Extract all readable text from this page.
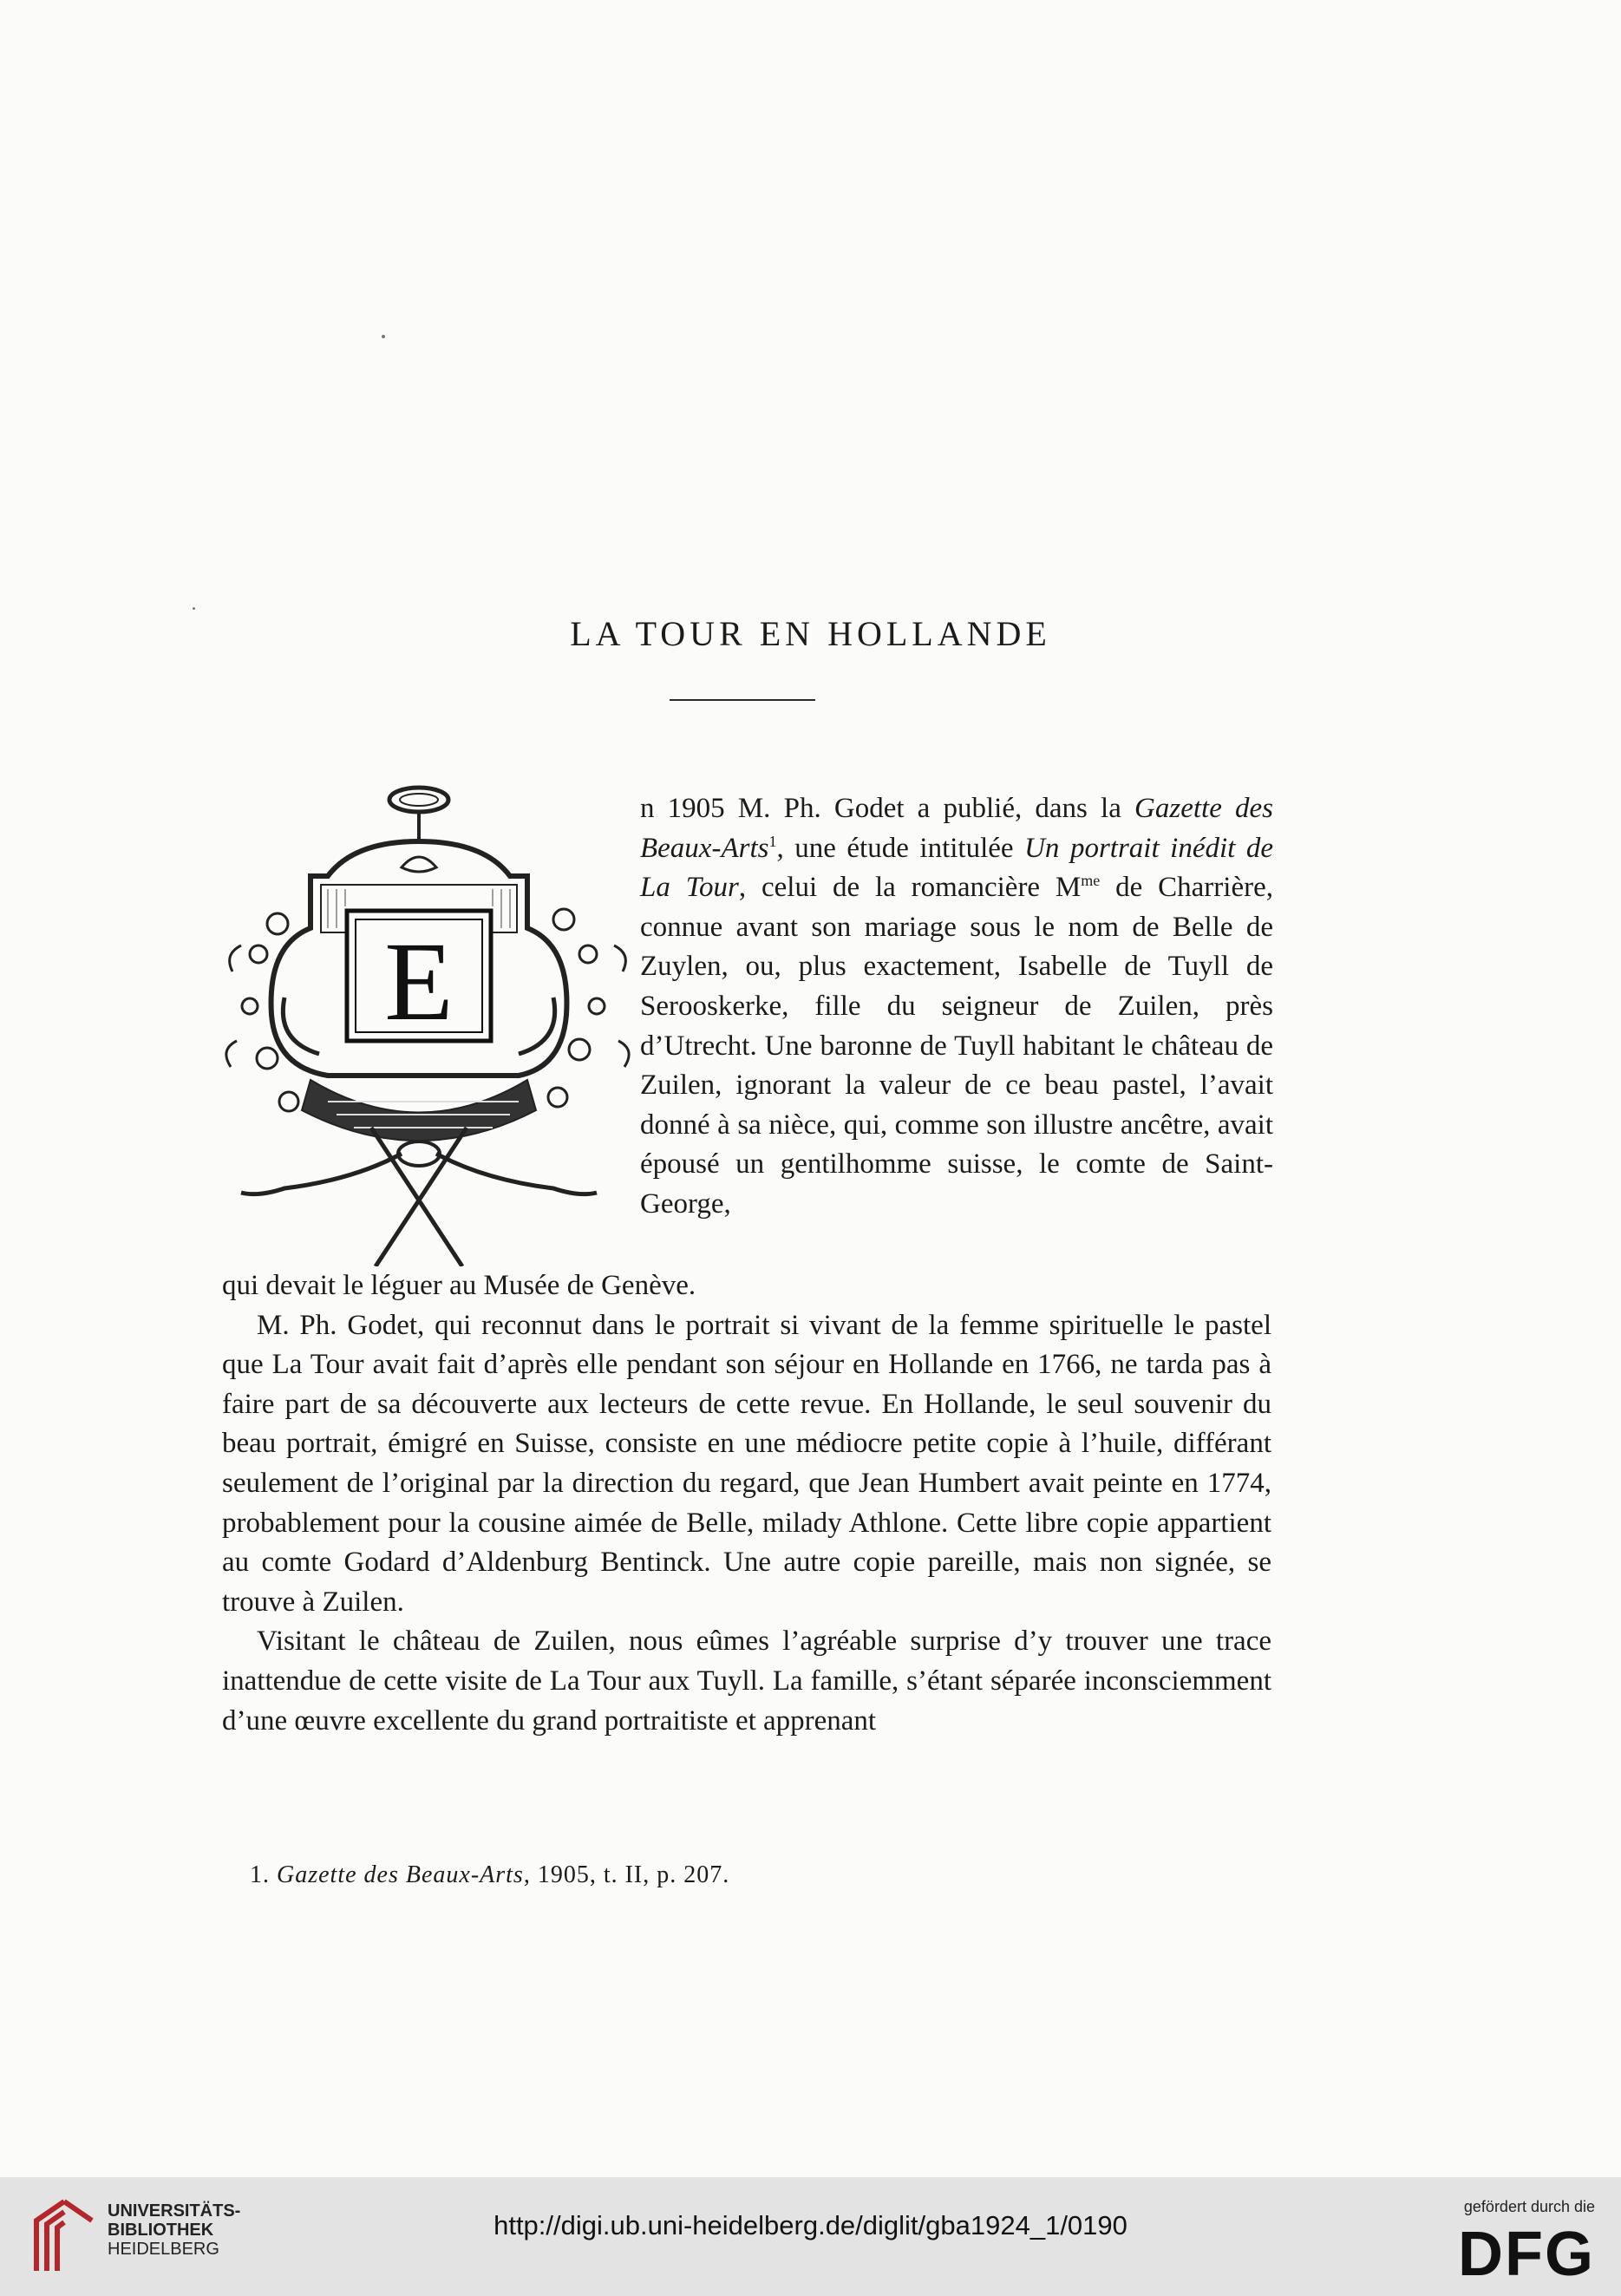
LA TOUR EN HOLLANDE
E
n 1905 M. Ph. Godet a publié, dans la Gazette des Beaux-Arts$^1$, une étude intitulée Un portrait inédit de La Tour, celui de la romancière $M^{me}$ de Charrière, connue avant son mariage sous le nom de Belle de Zuylen, ou, plus exactement, Isabelle de Tuyll de Serooskerke, fille du seigneur de Zuilen, près d’Utrecht. Une baronne de Tuyll habitant le château de Zuilen, ignorant la valeur de ce beau pastel, l’avait donné à sa nièce, qui, comme son illustre ancêtre, avait épousé un gentilhomme suisse, le comte de Saint-George,

qui devait le léguer au Musée de Genève.

M. Ph. Godet, qui reconnut dans le portrait si vivant de la femme spirituelle le pastel que La Tour avait fait d’après elle pendant son séjour en Hollande en 1766, ne tarda pas à faire part de sa découverte aux lecteurs de cette revue. En Hollande, le seul souvenir du beau portrait, émigré en Suisse, consiste en une médiocre petite copie à l’huile, différant seulement de l’original par la direction du regard, que Jean Humbert avait peinte en 1774, probablement pour la cousine aimée de Belle, milady Athlone. Cette libre copie appartient au comte Godard d’Aldenburg Bentinck. Une autre copie pareille, mais non signée, se trouve à Zuilen.

Visitant le château de Zuilen, nous eûmes l’agréable surprise d’y trouver une trace inattendue de cette visite de La Tour aux Tuyll. La famille, s’étant séparée inconsciemment d’une œuvre excellente du grand portraitiste et apprenant

1. Gazette des Beaux-Arts, 1905, t. II, p. 207.
UNIVERSITÄTS-
BIBLIOTHEK
HEIDELBERG
http://digi.ub.uni-heidelberg.de/diglit/gba1924_1/0190
gefördert durch die
DFG
